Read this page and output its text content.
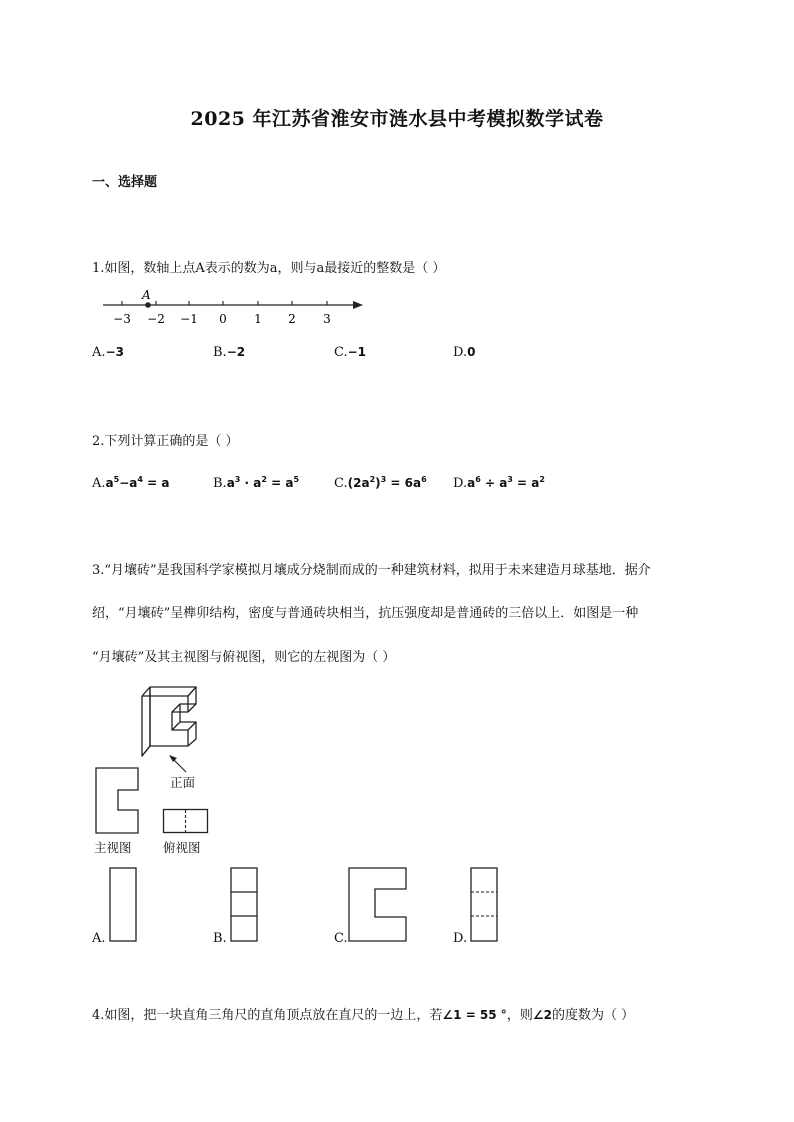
2025 年江苏省淮安市涟水县中考模拟数学试卷
一、选择题
1.如图，数轴上点A表示的数为a，则与a最接近的整数是（ ）
A
−3 −2 −1 0 1 2 3
A.−3	B.−2	C.−1	D.0
2.下列计算正确的是（ ）
$A.a^5-a^4 = a$	$B.a^3 \cdot a^2 = a^5$	$C.(2a^2)^3 = 6a^6$ $D.a^6 \div a^3 = a^2$
3.“月壤砖”是我国科学家模拟月壤成分烧制而成的一种建筑材料，拟用于未来建造月球基地．据介
绍，“月壤砖”呈榫卯结构，密度与普通砖块相当，抗压强度却是普通砖的三倍以上．如图是一种
“月壤砖”及其主视图与俯视图，则它的左视图为（ ）
正面
主视图	俯视图
A.	B.	C.	D.
4.如图，把一块直角三角尺的直角顶点放在直尺的一边上，若∠1 = 55 °，则∠2的度数为（ ）
